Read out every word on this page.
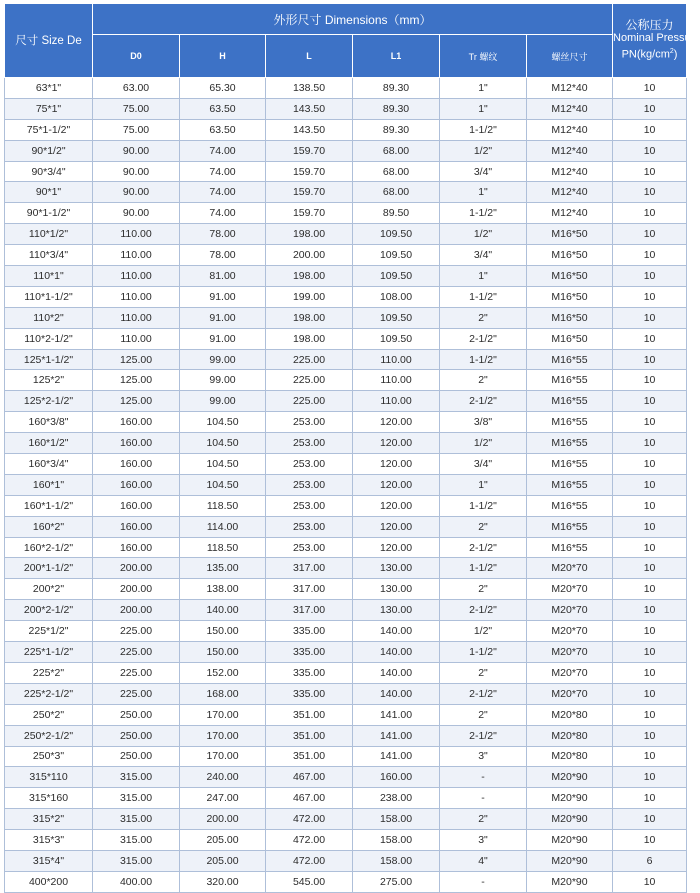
尺寸 Size De	外形尺寸 Dimensions（mm）						公称压力
Nominal Pressure
$PN(kg/cm^2)$

	D0	H	L	L1	Tr 螺纹	螺丝尺寸	
63*1"	63.00	65.30	138.50	89.30	1"	M12*40	10
75*1"	75.00	63.50	143.50	89.30	1"	M12*40	10
75*1-1/2"	75.00	63.50	143.50	89.30	1-1/2"	M12*40	10
90*1/2"	90.00	74.00	159.70	68.00	1/2"	M12*40	10
90*3/4"	90.00	74.00	159.70	68.00	3/4"	M12*40	10
90*1"	90.00	74.00	159.70	68.00	1"	M12*40	10
90*1-1/2"	90.00	74.00	159.70	89.50	1-1/2"	M12*40	10
110*1/2"	110.00	78.00	198.00	109.50	1/2"	M16*50	10
110*3/4"	110.00	78.00	200.00	109.50	3/4"	M16*50	10
110*1"	110.00	81.00	198.00	109.50	1"	M16*50	10
110*1-1/2"	110.00	91.00	199.00	108.00	1-1/2"	M16*50	10
110*2"	110.00	91.00	198.00	109.50	2"	M16*50	10
110*2-1/2"	110.00	91.00	198.00	109.50	2-1/2"	M16*50	10
125*1-1/2"	125.00	99.00	225.00	110.00	1-1/2"	M16*55	10
125*2"	125.00	99.00	225.00	110.00	2"	M16*55	10
125*2-1/2"	125.00	99.00	225.00	110.00	2-1/2"	M16*55	10
160*3/8"	160.00	104.50	253.00	120.00	3/8"	M16*55	10
160*1/2"	160.00	104.50	253.00	120.00	1/2"	M16*55	10
160*3/4"	160.00	104.50	253.00	120.00	3/4"	M16*55	10
160*1"	160.00	104.50	253.00	120.00	1"	M16*55	10
160*1-1/2"	160.00	118.50	253.00	120.00	1-1/2"	M16*55	10
160*2"	160.00	114.00	253.00	120.00	2"	M16*55	10
160*2-1/2"	160.00	118.50	253.00	120.00	2-1/2"	M16*55	10
200*1-1/2"	200.00	135.00	317.00	130.00	1-1/2"	M20*70	10
200*2"	200.00	138.00	317.00	130.00	2"	M20*70	10
200*2-1/2"	200.00	140.00	317.00	130.00	2-1/2"	M20*70	10
225*1/2"	225.00	150.00	335.00	140.00	1/2"	M20*70	10
225*1-1/2"	225.00	150.00	335.00	140.00	1-1/2"	M20*70	10
225*2"	225.00	152.00	335.00	140.00	2"	M20*70	10
225*2-1/2"	225.00	168.00	335.00	140.00	2-1/2"	M20*70	10
250*2"	250.00	170.00	351.00	141.00	2"	M20*80	10
250*2-1/2"	250.00	170.00	351.00	141.00	2-1/2"	M20*80	10
250*3"	250.00	170.00	351.00	141.00	3"	M20*80	10
315*110	315.00	240.00	467.00	160.00	-	M20*90	10
315*160	315.00	247.00	467.00	238.00	-	M20*90	10
315*2"	315.00	200.00	472.00	158.00	2"	M20*90	10
315*3"	315.00	205.00	472.00	158.00	3"	M20*90	10
315*4"	315.00	205.00	472.00	158.00	4"	M20*90	6
400*200	400.00	320.00	545.00	275.00	-	M20*90	10
